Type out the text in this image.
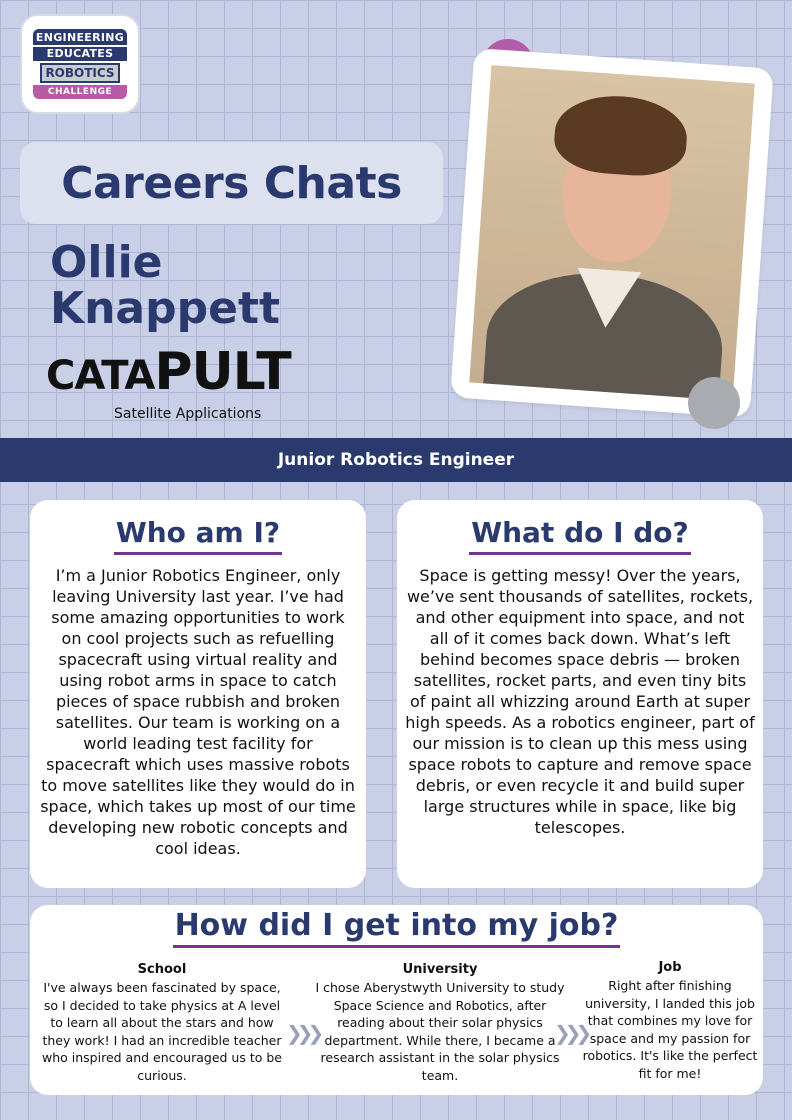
ENGINEERING
EDUCATES
ROBOTICS
CHALLENGE
Careers Chats
Ollie Knappett
CATAPULT
Satellite Applications
Junior Robotics Engineer
Who am I?
I’m a Junior Robotics Engineer, only leaving University last year. I’ve had some amazing opportunities to work on cool projects such as refuelling spacecraft using virtual reality and using robot arms in space to catch pieces of space rubbish and broken satellites. Our team is working on a world leading test facility for spacecraft which uses massive robots to move satellites like they would do in space, which takes up most of our time developing new robotic concepts and cool ideas.
What do I do?
Space is getting messy! Over the years, we’ve sent thousands of satellites, rockets, and other equipment into space, and not all of it comes back down. What’s left behind becomes space debris — broken satellites, rocket parts, and even tiny bits of paint all whizzing around Earth at super high speeds. As a robotics engineer, part of our mission is to clean up this mess using space robots to capture and remove space debris, or even recycle it and build super large structures while in space, like big telescopes.
How did I get into my job?
School
I've always been fascinated by space, so I decided to take physics at A level to learn all about the stars and how they work! I had an incredible teacher who inspired and encouraged us to be curious.
❯❯❯
University
I chose Aberystwyth University to study Space Science and Robotics, after reading about their solar physics department. While there, I became a research assistant in the solar physics team.
❯❯❯
Job
Right after finishing university, I landed this job that combines my love for space and my passion for robotics. It's like the perfect fit for me!
